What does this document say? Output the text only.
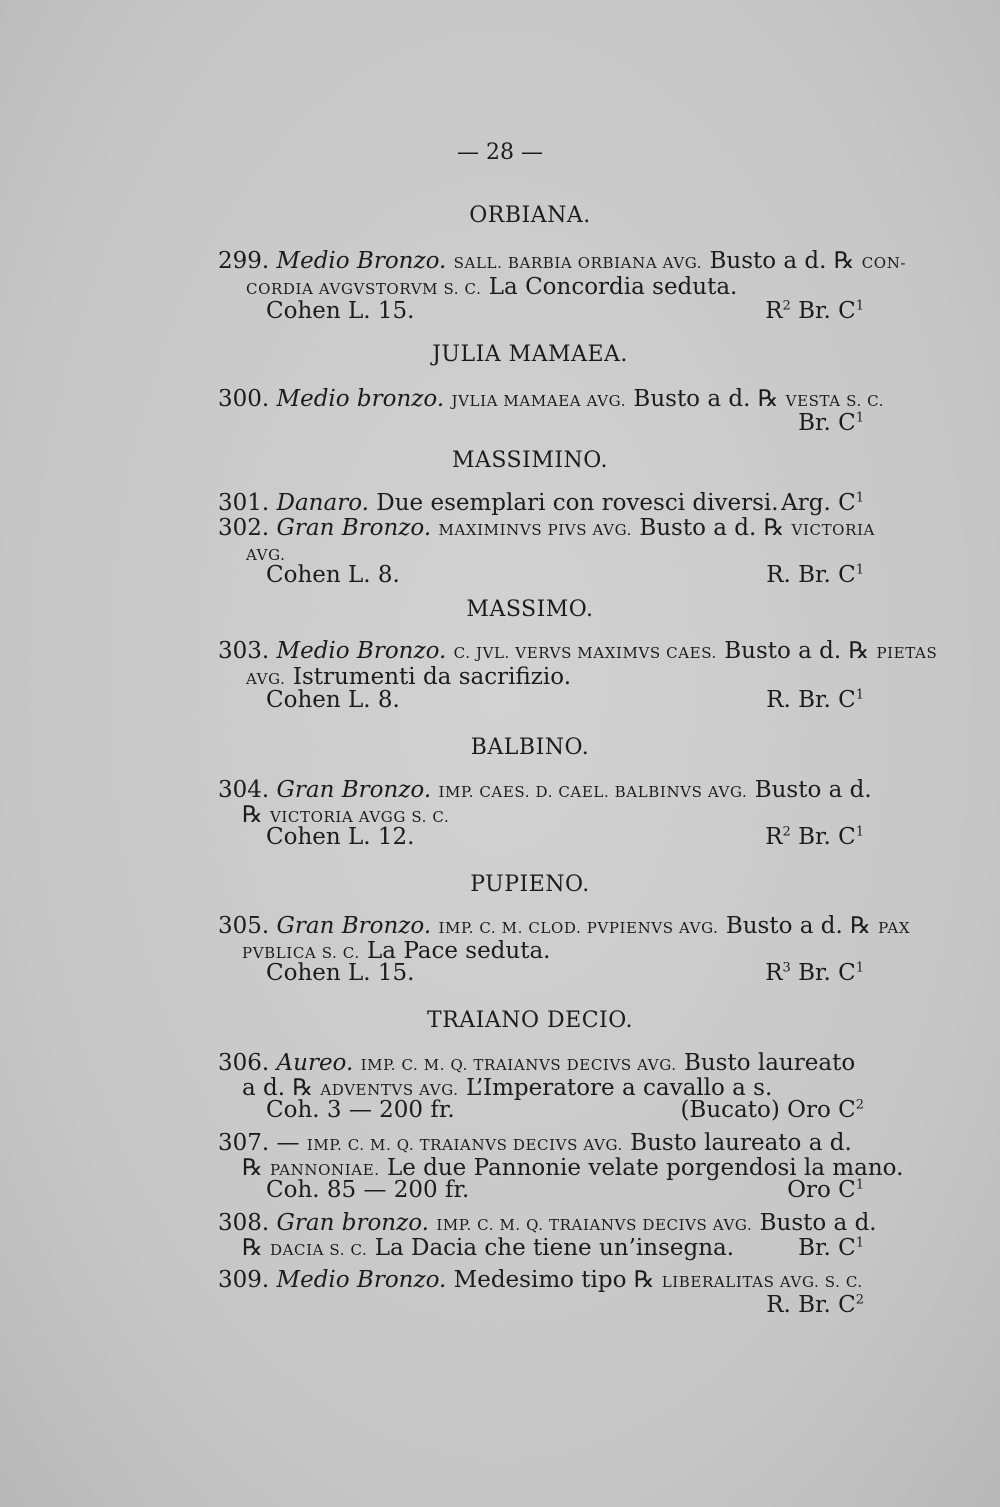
— 28 —
ORBIANA.
299. Medio Bronzo. SALL. BARBIA ORBIANA AVG. Busto a d. ℞ CON-
CORDIA AVGVSTORVM S. C. La Concordia seduta.
Cohen L. 15.	$R^2$ Br. $C^1$
JULIA MAMAEA.
300. Medio bronzo. JVLIA MAMAEA AVG. Busto a d. ℞ VESTA S. C.
Br. $C^1$
MASSIMINO.
301. Danaro. Due esemplari con rovesci diversi. Arg. $C^1$
302. Gran Bronzo. MAXIMINVS PIVS AVG. Busto a d. ℞ VICTORIA
AVG.
Cohen L. 8.	R. Br. $C^1$
MASSIMO.
303. Medio Bronzo. C. JVL. VERVS MAXIMVS CAES. Busto a d. ℞ PIETAS
AVG. Istrumenti da sacrifizio.
Cohen L. 8.	R. Br. $C^1$
BALBINO.
304. Gran Bronzo. IMP. CAES. D. CAEL. BALBINVS AVG. Busto a d.
℞ VICTORIA AVGG S. C.
Cohen L. 12.	$R^2$ Br. $C^1$
PUPIENO.
305. Gran Bronzo. IMP. C. M. CLOD. PVPIENVS AVG. Busto a d. ℞ PAX
PVBLICA S. C. La Pace seduta.
Cohen L. 15.	$R^3$ Br. $C^1$
TRAIANO DECIO.
306. Aureo. IMP. C. M. Q. TRAIANVS DECIVS AVG. Busto laureato
a d. ℞ ADVENTVS AVG. L’Imperatore a cavallo a s.
Coh. 3 — 200 fr.	(Bucato) Oro $C^2$
307. — IMP. C. M. Q. TRAIANVS DECIVS AVG. Busto laureato a d.
℞ PANNONIAE. Le due Pannonie velate porgendosi la mano.
Coh. 85 — 200 fr.	Oro $C^1$
308. Gran bronzo. IMP. C. M. Q. TRAIANVS DECIVS AVG. Busto a d.
℞ DACIA S. C. La Dacia che tiene un’insegna.	Br. $C^1$
309. Medio Bronzo. Medesimo tipo ℞ LIBERALITAS AVG. S. C.
R. Br. $C^2$
